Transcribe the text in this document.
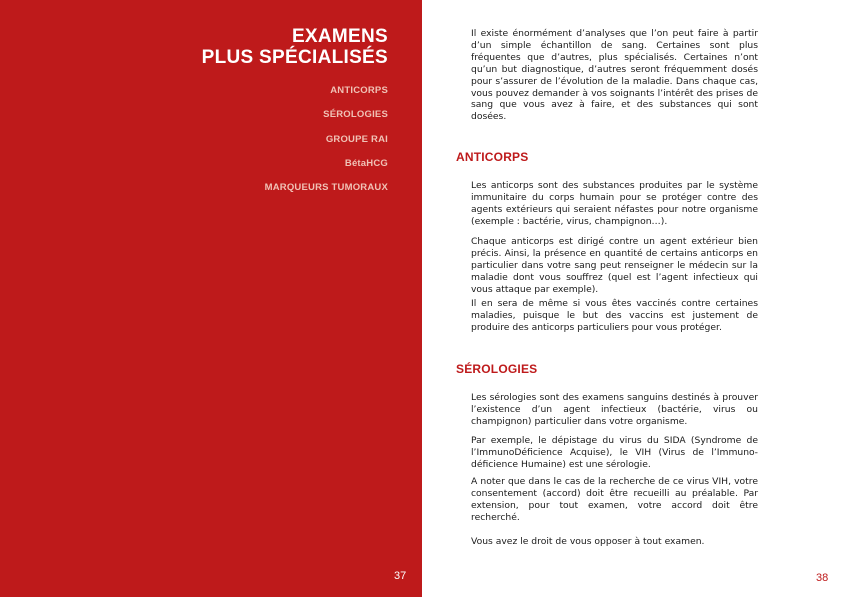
EXAMENS
PLUS SPÉCIALISÉS
ANTICORPS
SÉROLOGIES
GROUPE RAI
BétaHCG
MARQUEURS TUMORAUX
37

Il existe énormément d’analyses que l’on peut faire à partir d’un simple échantillon de sang. Certaines sont plus fréquentes que d’autres, plus spécialisés. Certaines n’ont qu’un but diagnostique, d’autres seront fréquemment dosés pour s’assurer de l’évolution de la maladie. Dans chaque cas, vous pouvez demander à vos soignants l’intérêt des prises de sang que vous avez à faire, et des substances qui sont dosées.

ANTICORPS

Les anticorps sont des substances produites par le système immunitaire du corps humain pour se protéger contre des agents extérieurs qui seraient néfastes pour notre organisme (exemple : bactérie, virus, champignon…).

Chaque anticorps est dirigé contre un agent extérieur bien précis. Ainsi, la présence en quantité de certains anticorps en particulier dans votre sang peut renseigner le médecin sur la maladie dont vous souffrez (quel est l’agent infectieux qui vous attaque par exemple).

Il en sera de même si vous êtes vaccinés contre certaines maladies, puisque le but des vaccins est justement de produire des anticorps particuliers pour vous protéger.

SÉROLOGIES

Les sérologies sont des examens sanguins destinés à prouver l’existence d’un agent infectieux (bactérie, virus ou champignon) particulier dans votre organisme.

Par exemple, le dépistage du virus du SIDA (Syndrome de l’ImmunoDéficience Acquise), le VIH (Virus de l’Immunodéficience Humaine) est une sérologie.

A noter que dans le cas de la recherche de ce virus VIH, votre consentement (accord) doit être recueilli au préalable. Par extension, pour tout examen, votre accord doit être recherché.

Vous avez le droit de vous opposer à tout examen.

38
